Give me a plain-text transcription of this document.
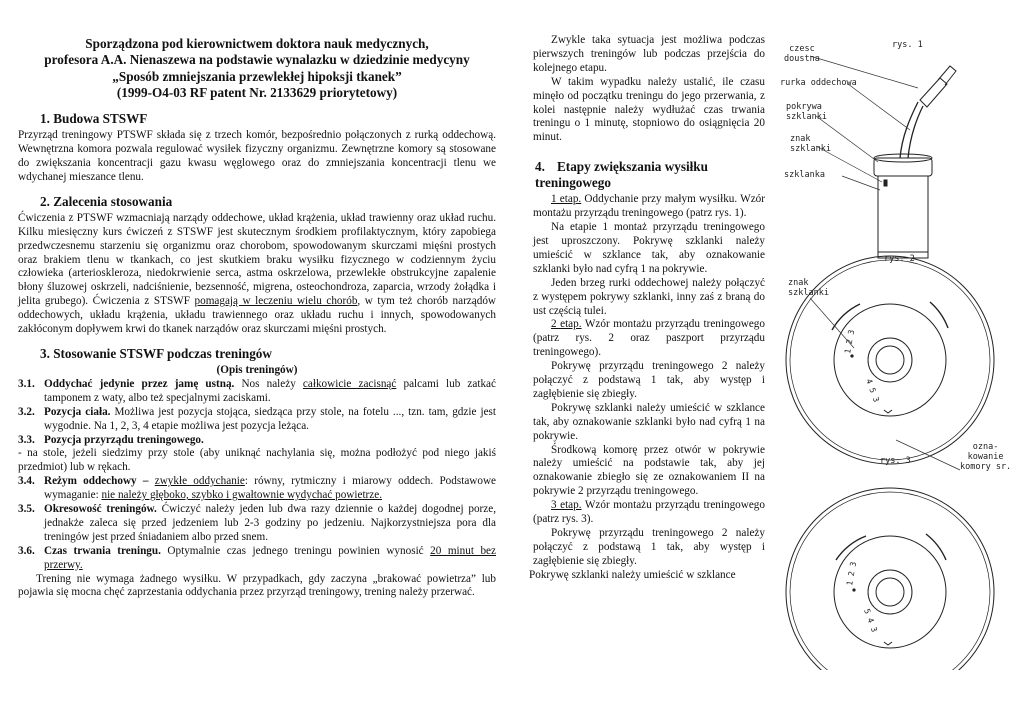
Sporządzona pod kierownictwem doktora nauk medycznych,
profesora A.A. Nienaszewa na podstawie wynalazku w dziedzinie medycyny
„Sposób zmniejszania przewlekłej hipoksji tkanek”
(1999-O4-03 RF patent Nr. 2133629 priorytetowy)
1. Budowa STSWF

Przyrząd treningowy PTSWF składa się z trzech komór, bezpośrednio połączonych z rurką oddechową. Wewnętrzna komora pozwala regulować wysiłek fizyczny organizmu. Zewnętrzne komory są stosowane do zwiększania koncentracji gazu kwasu węglowego oraz do zmniejszania koncentracji tlenu we wdychanej mieszance tlenu.

2. Zalecenia stosowania

Ćwiczenia z PTSWF wzmacniają narządy oddechowe, układ krążenia, układ trawienny oraz układ ruchu. Kilku miesięczny kurs ćwiczeń z STSWF jest skutecznym środkiem profilaktycznym, który zapobiega przedwczesnemu starzeniu się organizmu oraz chorobom, spowodowanym skurczami mięśni prostych oraz brakiem tlenu w tkankach, co jest skutkiem braku wysiłku fizycznego w codziennym życiu człowieka (arterioskleroza, niedokrwienie serca, astma oskrzelowa, przewlekłe obstrukcyjne zapalenie błony śluzowej oskrzeli, nadciśnienie, bezsenność, migrena, osteochondroza, zaparcia, wrzody żołądka i jelita grubego). Ćwiczenia z STSWF pomagają w leczeniu wielu chorób, w tym też chorób narządów oddechowych, układu krążenia, układu trawiennego oraz układu ruchu i innych, spowodowanych zakłóconym dopływem krwi do tkanek narządów oraz skurczami mięśni prostych.

3. Stosowanie STSWF podczas treningów

(Opis treningów)

3.1. Oddychać jedynie przez jamę ustną. Nos należy całkowicie zacisnąć palcami lub zatkać tamponem z waty, albo też specjalnymi zaciskami.
3.2. Pozycja ciała. Możliwa jest pozycja stojąca, siedząca przy stole, na fotelu ..., tzn. tam, gdzie jest wygodnie. Na 1, 2, 3, 4 etapie możliwa jest pozycja leżąca.
3.3. Pozycja przyrządu treningowego.

- na stole, jeżeli siedzimy przy stole (aby uniknąć nachylania się, można podłożyć pod niego jakiś przedmiot) lub w rękach.

3.4. Reżym oddechowy – zwykłe oddychanie: równy, rytmiczny i miarowy oddech. Podstawowe wymaganie: nie należy głęboko, szybko i gwałtownie wydychać powietrze.
3.5. Okresowość treningów. Ćwiczyć należy jeden lub dwa razy dziennie o każdej dogodnej porze, jednakże zaleca się przed jedzeniem lub 2-3 godziny po jedzeniu. Najkorzystniejsza pora dla treningów jest przed śniadaniem albo przed snem.
3.6. Czas trwania treningu. Optymalnie czas jednego treningu powinien wynosić 20 minut bez przerwy.

Trening nie wymaga żadnego wysiłku. W przypadkach, gdy zaczyna „brakować powietrza” lub pojawia się mocna chęć zaprzestania oddychania przez przyrząd treningowy, trening należy przerwać.

Zwykle taka sytuacja jest możliwa podczas pierwszych treningów lub podczas przejścia do kolejnego etapu.

W takim wypadku należy ustalić, ile czasu minęło od początku treningu do jego przerwania, z kolei następnie należy wydłużać czas trwania treningu o 1 minutę, stopniowo do osiągnięcia 20 minut.

4. Etapy zwiększania wysiłku treningowego

1 etap. Oddychanie przy małym wysiłku. Wzór montażu przyrządu treningowego (patrz rys. 1).

Na etapie 1 montaż przyrządu treningowego jest uproszczony. Pokrywę szklanki należy umieścić w szklance tak, aby oznakowanie szklanki było nad cyfrą 1 na pokrywie.

Jeden brzeg rurki oddechowej należy połączyć z występem pokrywy szklanki, inny zaś z braną do ust częścią tulei.

2 etap. Wzór montażu przyrządu treningowego (patrz rys. 2 oraz paszport przyrządu treningowego).

Pokrywę przyrządu treningowego 2 należy połączyć z podstawą 1 tak, aby występ i zagłębienie się zbiegły.

Pokrywę szklanki należy umieścić w szklance tak, aby oznakowanie szklanki było nad cyfrą 1 na pokrywie.

Środkową komorę przez otwór w pokrywie należy umieścić na podstawie tak, aby jej oznakowanie zbiegło się ze oznakowaniem II na pokrywie 2 przyrządu treningowego.

3 etap. Wzór montażu przyrządu treningowego (patrz rys. 3).

Pokrywę przyrządu treningowego 2 należy połączyć z podstawą 1 tak, aby występ i zagłębienie się zbiegły.

Pokrywę szklanki należy umieścić w szklance

1 2 3
4 5 3
1 2 3
5 4 3
czesc
doustna
rys. 1
rurka oddechowa
pokrywa
szklanki
znak
szklanki
szklanka
rys. 2
znak
szklanki
ozna-
kowanie
komory sr.
rys. 3
